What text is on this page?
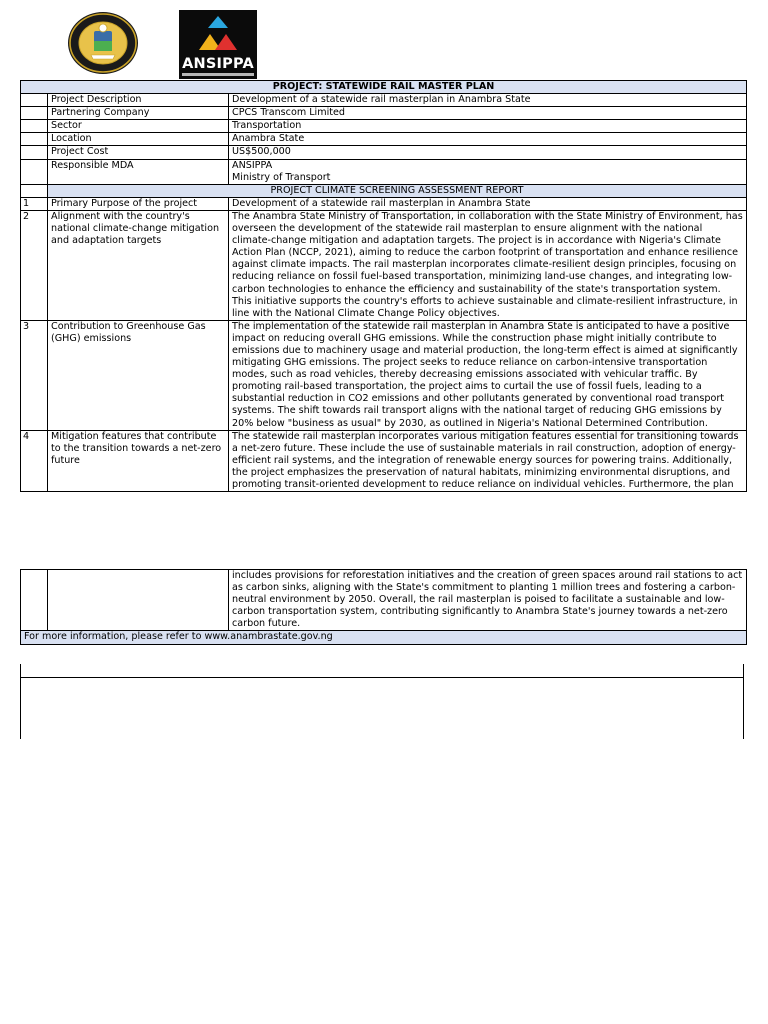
ANSIPPA
PROJECT: STATEWIDE RAIL MASTER PLAN		
	Project Description	Development of a statewide rail masterplan in Anambra State
	Partnering Company	CPCS Transcom Limited
	Sector	Transportation
	Location	Anambra State
	Project Cost	US$500,000
	Responsible MDA	ANSIPPA
Ministry of Transport

	PROJECT CLIMATE SCREENING ASSESSMENT REPORT	
1	Primary Purpose of the project	Development of a statewide rail masterplan in Anambra State
2	Alignment with the country's national climate-change mitigation and adaptation targets	The Anambra State Ministry of Transportation, in collaboration with the State Ministry of Environment, has overseen the development of the statewide rail masterplan to ensure alignment with the national climate-change mitigation and adaptation targets. The project is in accordance with Nigeria's Climate Action Plan (NCCP, 2021), aiming to reduce the carbon footprint of transportation and enhance resilience against climate impacts. The rail masterplan incorporates climate-resilient design principles, focusing on reducing reliance on fossil fuel-based transportation, minimizing land-use changes, and integrating low-carbon technologies to enhance the efficiency and sustainability of the state's transportation system. This initiative supports the country's efforts to achieve sustainable and climate-resilient infrastructure, in line with the National Climate Change Policy objectives.
3	Contribution to Greenhouse Gas (GHG) emissions	The implementation of the statewide rail masterplan in Anambra State is anticipated to have a positive impact on reducing overall GHG emissions. While the construction phase might initially contribute to emissions due to machinery usage and material production, the long-term effect is aimed at significantly mitigating GHG emissions. The project seeks to reduce reliance on carbon-intensive transportation modes, such as road vehicles, thereby decreasing emissions associated with vehicular traffic. By promoting rail-based transportation, the project aims to curtail the use of fossil fuels, leading to a substantial reduction in CO2 emissions and other pollutants generated by conventional road transport systems. The shift towards rail transport aligns with the national target of reducing GHG emissions by 20% below "business as usual" by 2030, as outlined in Nigeria's National Determined Contribution.
4	Mitigation features that contribute to the transition towards a net-zero future	The statewide rail masterplan incorporates various mitigation features essential for transitioning towards a net-zero future. These include the use of sustainable materials in rail construction, adoption of energy-efficient rail systems, and the integration of renewable energy sources for powering trains. Additionally, the project emphasizes the preservation of natural habitats, minimizing environmental disruptions, and promoting transit-oriented development to reduce reliance on individual vehicles. Furthermore, the plan
		includes provisions for reforestation initiatives and the creation of green spaces around rail stations to act as carbon sinks, aligning with the State's commitment to planting 1 million trees and fostering a carbon-neutral environment by 2050. Overall, the rail masterplan is poised to facilitate a sustainable and low-carbon transportation system, contributing significantly to Anambra State's journey towards a net-zero carbon future.
For more information, please refer to www.anambrastate.gov.ng
